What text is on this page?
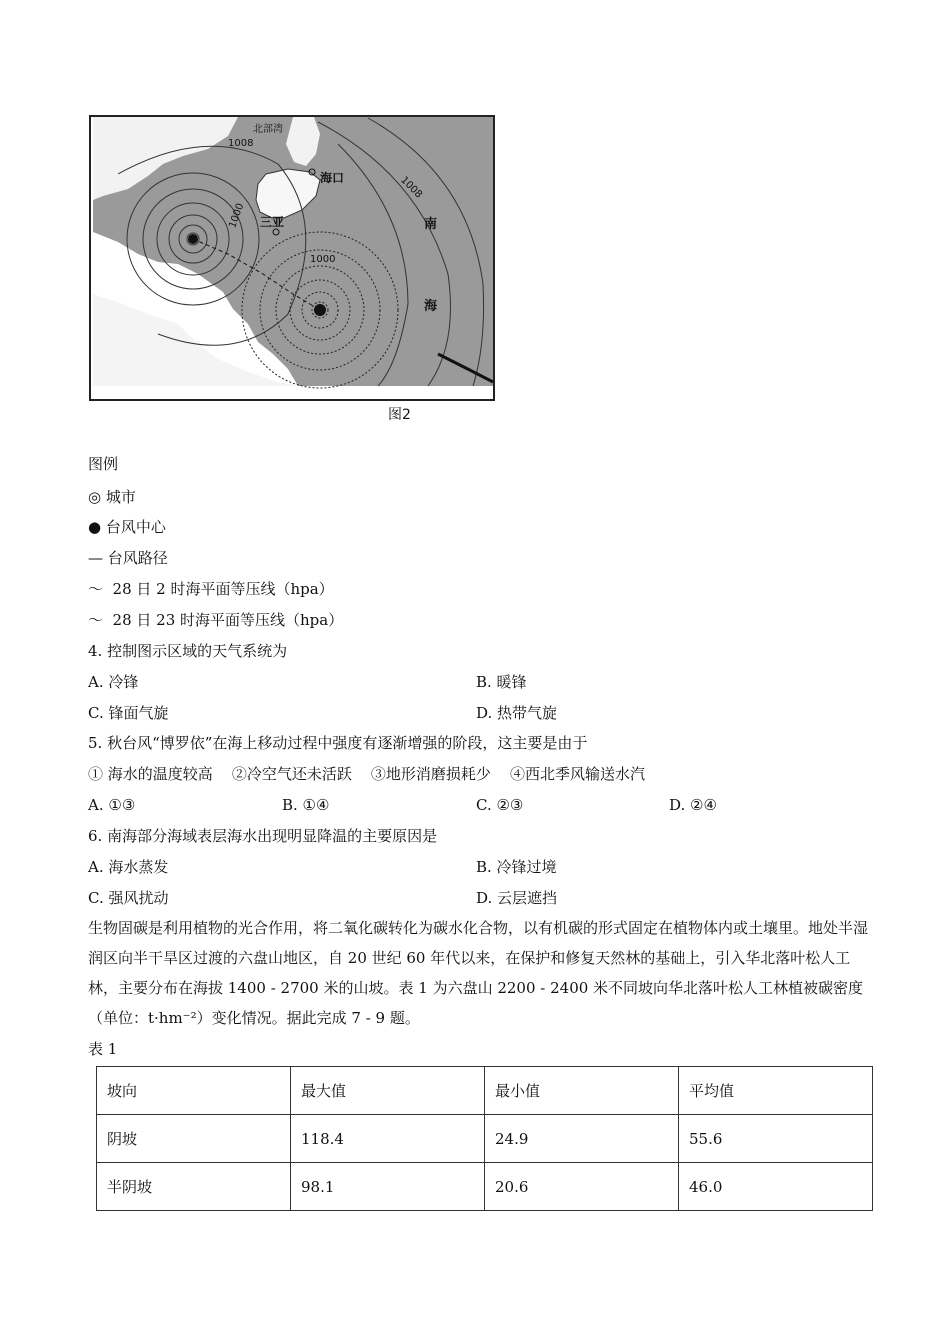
北部湾
1008
海口
三亚
1000
1000
1008
南
海
图2
图例
◎ 城市
● 台风中心
— 台风路径
～  28 日 2 时海平面等压线（hpa）
～  28 日 23 时海平面等压线（hpa）
4. 控制图示区域的天气系统为
A. 冷锋	B. 暖锋
C. 锋面气旋	D. 热带气旋
5. 秋台风“博罗依”在海上移动过程中强度有逐渐增强的阶段，这主要是由于
① 海水的温度较高    ②冷空气还未活跃    ③地形消磨损耗少    ④西北季风输送水汽
A. ①③	B. ①④	C. ②③	D. ②④
6. 南海部分海域表层海水出现明显降温的主要原因是
A. 海水蒸发	B. 冷锋过境
C. 强风扰动	D. 云层遮挡
生物固碳是利用植物的光合作用，将二氧化碳转化为碳水化合物，以有机碳的形式固定在植物体内或土壤里。地处半湿润区向半干旱区过渡的六盘山地区，自 20 世纪 60 年代以来，在保护和修复天然林的基础上，引入华北落叶松人工林，主要分布在海拔 1400 - 2700 米的山坡。表 1 为六盘山 2200 - 2400 米不同坡向华北落叶松人工林植被碳密度（单位：t·hm⁻²）变化情况。据此完成 7 - 9 题。
表 1
坡向	最大值	最小值	平均值
阴坡	118.4	24.9	55.6
半阴坡	98.1	20.6	46.0
